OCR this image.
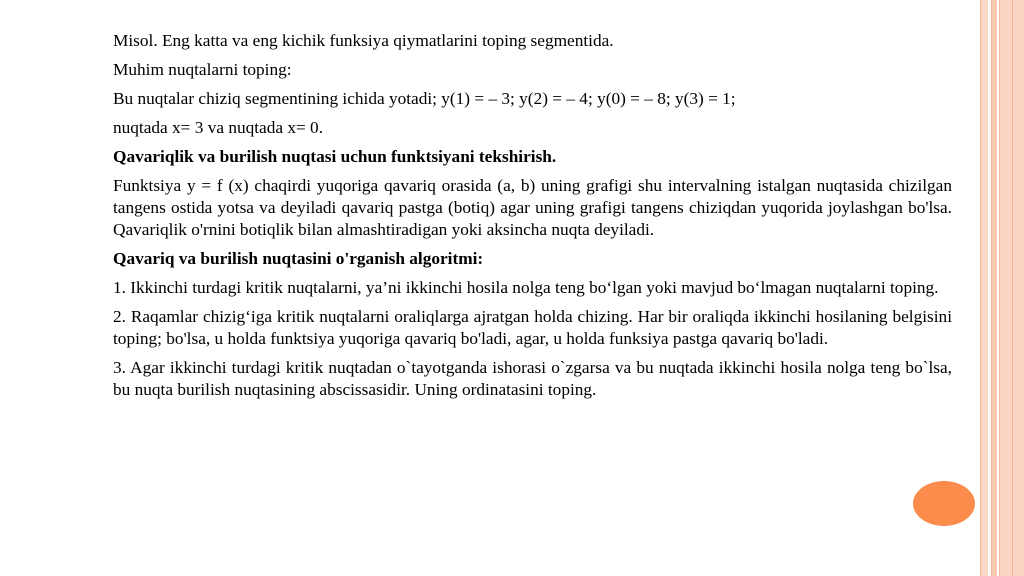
Misol. Eng katta va eng kichik funksiya qiymatlarini toping segmentida.

Muhim nuqtalarni toping:

Bu nuqtalar chiziq segmentining ichida yotadi; y(1) = – 3; y(2) = – 4; y(0) = – 8; y(3) = 1;

nuqtada x= 3 va nuqtada x= 0.

Qavariqlik va burilish nuqtasi uchun funktsiyani tekshirish.

Funktsiya y = f (x) chaqirdi yuqoriga qavariq orasida (a, b) uning grafigi shu intervalning istalgan nuqtasida chizilgan tangens ostida yotsa va deyiladi qavariq pastga (botiq) agar uning grafigi tangens chiziqdan yuqorida joylashgan bo'lsa. Qavariqlik o'rnini botiqlik bilan almashtiradigan yoki aksincha nuqta deyiladi.

Qavariq va burilish nuqtasini o'rganish algoritmi:

1. Ikkinchi turdagi kritik nuqtalarni, ya’ni ikkinchi hosila nolga teng bo‘lgan yoki mavjud bo‘lmagan nuqtalarni toping.

2. Raqamlar chizig‘iga kritik nuqtalarni oraliqlarga ajratgan holda chizing. Har bir oraliqda ikkinchi hosilaning belgisini toping; bo'lsa, u holda funktsiya yuqoriga qavariq bo'ladi, agar, u holda funksiya pastga qavariq bo'ladi.

3. Agar ikkinchi turdagi kritik nuqtadan o`tayotganda ishorasi o`zgarsa va bu nuqtada ikkinchi hosila nolga teng bo`lsa, bu nuqta burilish nuqtasining abscissasidir. Uning ordinatasini toping.
